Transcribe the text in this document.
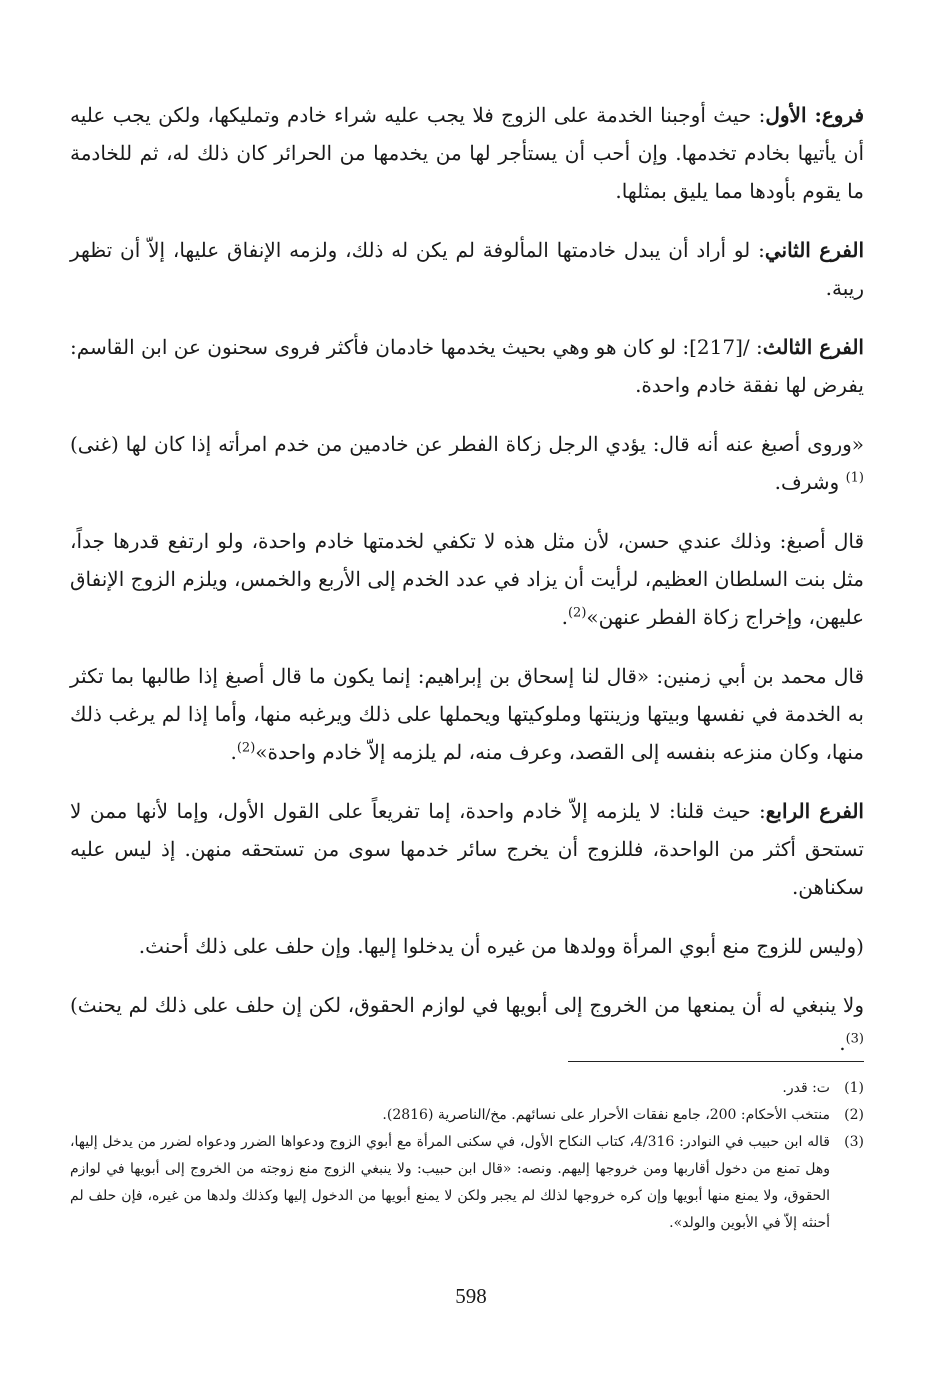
فروع: الأول: حيث أوجبنا الخدمة على الزوج فلا يجب عليه شراء خادم وتمليكها، ولكن يجب عليه أن يأتيها بخادم تخدمها. وإن أحب أن يستأجر لها من يخدمها من الحرائر كان ذلك له، ثم للخادمة ما يقوم بأودها مما يليق بمثلها.

الفرع الثاني: لو أراد أن يبدل خادمتها المألوفة لم يكن له ذلك، ولزمه الإنفاق عليها، إلاّ أن تظهر ريبة.

الفرع الثالث: /[217]: لو كان هو وهي بحيث يخدمها خادمان فأكثر فروى سحنون عن ابن القاسم: يفرض لها نفقة خادم واحدة.

«وروى أصبغ عنه أنه قال: يؤدي الرجل زكاة الفطر عن خادمين من خدم امرأته إذا كان لها (غنى)$^{(1)}$ وشرف.

قال أصبغ: وذلك عندي حسن، لأن مثل هذه لا تكفي لخدمتها خادم واحدة، ولو ارتفع قدرها جداً، مثل بنت السلطان العظيم، لرأيت أن يزاد في عدد الخدم إلى الأربع والخمس، ويلزم الزوج الإنفاق عليهن، وإخراج زكاة الفطر عنهن»$^{(2)}$.

قال محمد بن أبي زمنين: «قال لنا إسحاق بن إبراهيم: إنما يكون ما قال أصبغ إذا طالبها بما تكثر به الخدمة في نفسها وبيتها وزينتها وملوكيتها ويحملها على ذلك ويرغبه منها، وأما إذا لم يرغب ذلك منها، وكان منزعه بنفسه إلى القصد، وعرف منه، لم يلزمه إلاّ خادم واحدة»$^{(2)}$.

الفرع الرابع: حيث قلنا: لا يلزمه إلاّ خادم واحدة، إما تفريعاً على القول الأول، وإما لأنها ممن لا تستحق أكثر من الواحدة، فللزوج أن يخرج سائر خدمها سوى من تستحقه منهن. إذ ليس عليه سكناهن.

(وليس للزوج منع أبوي المرأة وولدها من غيره أن يدخلوا إليها. وإن حلف على ذلك أحنث.

ولا ينبغي له أن يمنعها من الخروج إلى أبويها في لوازم الحقوق، لكن إن حلف على ذلك لم يحنث)$^{(3)}$.

(1)
ت: قدر.
(2)
منتخب الأحكام: 200، جامع نفقات الأحرار على نسائهم. مخ/الناصرية (2816).
(3)
قاله ابن حبيب في النوادر: 4/316، كتاب النكاح الأول، في سكنى المرأة مع أبوي الزوج ودعواها الضرر ودعواه لضرر من يدخل إليها، وهل تمنع من دخول أقاربها ومن خروجها إليهم. ونصه: «قال ابن حبيب: ولا ينبغي الزوج منع زوجته من الخروج إلى أبويها في لوازم الحقوق، ولا يمنع منها أبويها وإن كره خروجها لذلك لم يجبر ولكن لا يمنع أبويها من الدخول إليها وكذلك ولدها من غيره، فإن حلف لم أحنثه إلاّ في الأبوين والولد».
598
